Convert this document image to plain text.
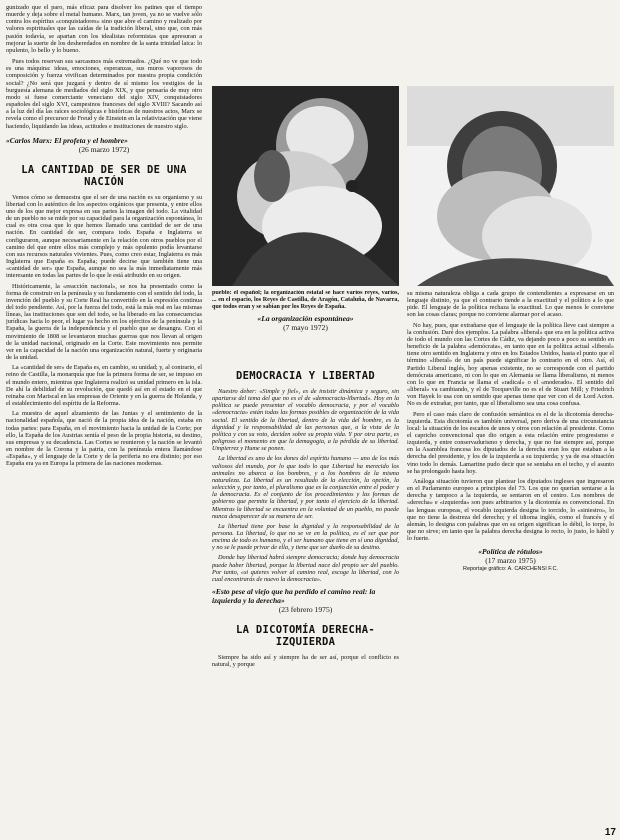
gunizado que el paro, más eficaz para disolver los patines que el tiempo muerde y deja sobre el metal humano. Marx, tan joven, ya no se vuelve sólo contra los espíritus «conquistadores» sino que abre el camino y realizado por valores espirituales que las caídas de la tradición liberal, sino que, con más pasión todavía, se apartan con los idealistas reformistas que apresuran a mejorar la suerte de los desheredados en nombre de la santa trinidad laica: lo opulento, lo bello y lo bueno.

Pues todos reservan sus sarcasmos más extremados. ¿Qué no ve que todo es una máquina: ideas, emociones, esperanzas, sus muros vaporosos de composición y fuerza vivifican determinados por nuestra propia condición social? ¿No será que juzgará y dentro de sí mismo los vestigios de la burguesía alemana de mediados del siglo XIX, y que pensaría de muy otro modo si fuese comerciante veneciano del siglo XIV, conquistadores españoles del siglo XVI, campesinos franceses del siglo XVIII? Sacando así a la luz del día las raíces sociológicas e históricas de nuestros actos, Marx se revela como el precursor de Freud y de Einstein en la relativización que viene haciendo, liquidando las ideas, actitudes e instituciones de nuestro siglo.

«Carlos Marx: El profeta y el hombre»

(26 marzo 1972)

LA CANTIDAD DE SER DE UNA NACIÓN

Vemos cómo se demuestra que el ser de una nación es su organismo y su libertad con lo auténtico de los aspectos orgánicos que presenta, y entre ellos uno de los que mejor expresa en sus partes la imagen del todo. La vitalidad de un pueblo no se mide por su capacidad para la organización espontánea, lo cual es otra cosa que lo que hemos llamado una cantidad de ser de una nación. En cantidad de ser, compara todo. España e Inglaterra se configuraron, aunque necesariamente en la relación con otros pueblos por el camino del que entre ellos más complejo y más opulento podía levantarse con sus recursos naturales vivientes. Pues, como creo estar, Inglaterra es más Inglaterra que España es España; puede decirse que también tiene una «cantidad de ser» que España, aunque no sea la más inmediatamente más interesante en todas las partes de lo que le está atribuido en su origen.

Históricamente, la «reacción nacional», se nos ha presentado como la forma de construir en la península y su fundamento con el sentido del todo, la invención del pueblo y su Corte Real ha convertido en la expresión continua del todo pendiente. Así, por la fuerza del todo, está la más real en las mismas líneas, las instituciones que son del todo, se ha liberado en las consecuencias jurídicas hacia lo peor, el lugar ya hecho en los ejércitos de la península y la España, la guerra de la independencia y el pueblo que se desangra. Con el movimiento de 1808 se levantaron muchas guerras que nos llevan al origen de la unidad nacional, originado en la Corte. Este movimiento nos permite ver en la capacidad de la nación una organización natural, fuerte y originaria de la unidad.

La «cantidad de ser» de España es, en cambio, su unidad; y, al contrario, el reino de Castilla, la monarquía que fue la primera forma de ser, se impuso en el mundo entero, mientras que Inglaterra realizó su unidad primero en la isla. De ahí la debilidad de su revolución, que quedó así en el estado en el que reinaba con Mariscal en las empresas de Oriente y en la guerra de Holanda, y el establecimiento del espíritu de la Reforma.

La muestra de aquel alzamiento de las Juntas y el sentimiento de la nacionalidad española, que nació de la propia idea de la nación, estaba en todas partes: para España, en el movimiento hacia la unidad de la Corte; por ello, la España de los Austrias sentía el peso de la propia historia, su destino, sus empresas y su decadencia. Las Cortes se reunieron y la nación se levantó en nombre de la Corona y la patria, con la península entera llamándose «España», y el lenguaje de la Corte y de la periferia no era distinto; por eso España era ya en Europa la primera de las naciones modernas.

pueblo: el español; la organización estatal se hace varios reyes, varios, ... en el espacio, los Reyes de Castilla, de Aragón, Cataluña, de Navarra, que todos eran y se sabían por los Reyes de España.

«La organización espontánea»

(7 mayo 1972)

DEMOCRACIA Y LIBERTAD

Nuestro deber: «Simple y fiel», es de insistir dinámica y seguro, sin apartarse del tema del que no es el de «democracia-libertad». Hoy en la política se puede presentar el vocablo democracia, y por el vocablo «democracia» están todas las formas posibles de organización de la vida social. El sentido de la libertad, dentro de la vida del hombre, es la dignidad y la responsabilidad de las personas que, a la vista de la política y con su voto, deciden sobre su propia vida. Y por otra parte, es peligroso el momento en que la demagogia, a la pérdida de su libertad. Umpierrez y Hume se ponen.

La libertad es uno de los dones del espíritu humano — uno de los más valiosos del mundo, por lo que todo lo que Libertad ha merecido los animales no abarca a los hombres, y a los hombres de la misma naturaleza. La libertad es un resultado de la elección, la opción, la selección y, por tanto, el pluralismo que es la conjunción entre el poder y la democracia. Es el conjunto de los procedimientos y las formas de gobierno que permite la libertad, y por tanto el ejercicio de la libertad. Mientras la libertad se encuentra en la voluntad de un pueblo, no puede nunca desaparecer de su manera de ser.

La libertad tiene por base la dignidad y la responsabilidad de la persona. La libertad, lo que no se ve en la política, es el ser que por encima de todo es humano, y el ser humano que tiene en sí una dignidad, y no se le puede privar de ella, y tiene que ser dueño de su destino.

Donde hay libertad habrá siempre democracia; donde hay democracia puede haber libertad, porque la libertad nace del propio ser del pueblo. Por tanto, «si quieres volver al camino real, escoge la libertad, con lo cual encontrarás de nuevo la democracia».

«Esto pese al viejo que ha perdido el camino real: la izquierda y la derecha»

(23 febrero 1975)

LA DICOTOMÍA DERECHA-IZQUIERDA

Siempre ha sido así y siempre ha de ser así, porque el conflicto es natural, y porque

su misma naturaleza obliga a cada grupo de contendientes a expresarse en un lenguaje distinto, ya que el contrario tiende a la exactitud y el político a lo que pide. El lenguaje de la política rechaza la exactitud. Lo que menos le conviene son las cosas claras; porque no conviene alarmar por el acaso.

No hay, pues, que extrañarse que el lenguaje de la política lleve casi siempre a la confusión. Daré dos ejemplos. La palabra «liberal» que era en la política activa de todo el mundo con las Cortes de Cádiz, va dejando poco a poco su sentido en beneficio de la palabra «demócrata», en tanto que en la política actual «liberal» tiene otro sentido en Inglaterra y otro en los Estados Unidos, hasta el punto que el término «liberal» de un país puede significar lo contrario en el otro. Así, el Partido Liberal inglés, hoy apenas existente, no se corresponde con el partido demócrata americano, ni con lo que en Alemania se llama liberalismo, ni menos con lo que en Francia se llama el «radical» o el «moderado». El sentido del «liberal» va cambiando, y el de Tocqueville no es el de Stuart Mill; y Friedrich von Hayek lo usa con un sentido que apenas tiene que ver con el de Lord Acton. No es de extrañar, por tanto, que el liberalismo sea una cosa confusa.

Pero el caso más claro de confusión semántica es el de la dicotomía derecha-izquierda. Esta dicotomía es también universal, pero deriva de una circunstancia local: la situación de los escaños de unos y otros con relación al presidente. Como el capricho convencional que dio origen a esta relación entre progresismo e izquierda, y entre conservadurismo y derecha, y que no fue siempre así, porque en la Asamblea francesa los diputados de la derecha eran los que estaban a la derecha del presidente, y los de la izquierda a su izquierda; y ya de esa situación vino todo lo demás. Lamartine pudo decir que se sentaba en el techo, y el asunto se ha prolongado hasta hoy.

Análoga situación tuvieron que plantear los diputados ingleses que ingresaron en el Parlamento europeo a principios del 73. Los que no querían sentarse a la derecha y tampoco a la izquierda, se sentaron en el centro. Los nombres de «derecha» e «izquierda» son pues arbitrarios y la dicotomía es convencional. En las lenguas europeas, el vocablo izquierda designa lo torcido, lo «siniestro», lo que no tiene la destreza del derecho; y el idioma inglés, como el francés y el alemán, lo designa con palabras que en su origen significan lo débil, lo torpe, lo que no sirve; en tanto que la palabra derecha designa lo recto, lo justo, lo hábil y lo fuerte.

«Política de rótulos»

(17 marzo 1975)

Reportaje gráfico: A. CARCHENSI F.C.

17
